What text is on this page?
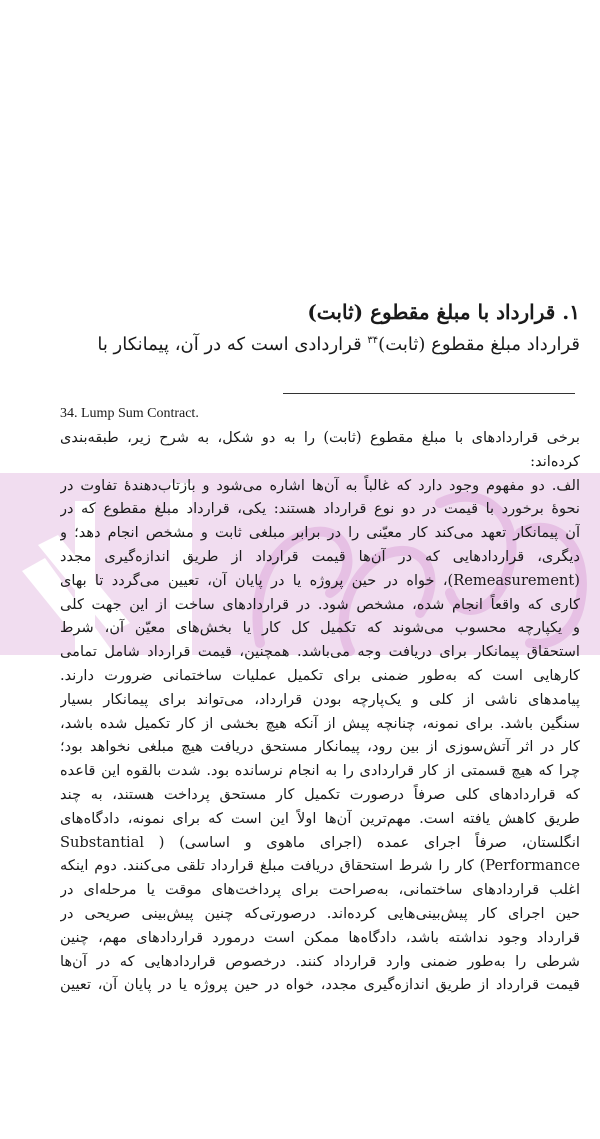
۱. قرارداد با مبلغ مقطوع (ثابت)
قرارداد مبلغ مقطوع (ثابت)$^{۳۴}$ قراردادی است که در آن، پیمانکار با
34. Lump Sum Contract.
برخی قراردادهای با مبلغ مقطوع (ثابت) را به دو شکل، به شرح زیر، طبقه‌بندی
کرده‌اند:
الف. دو مفهوم وجود دارد که غالباً به آن‌ها اشاره می‌شود و بازتاب‌دهندۀ تفاوت در
نحوۀ برخورد با قیمت در دو نوع قرارداد هستند: یکی، قرارداد مبلغ مقطوع که در
آن پیمانکار تعهد می‌کند کار معیّنی را در برابر مبلغی ثابت و مشخص انجام دهد؛ و
دیگری، قراردادهایی که در آن‌ها قیمت قرارداد از طریق اندازه‌گیری مجدد
(Remeasurement)، خواه در حین پروژه یا در پایان آن، تعیین می‌گردد تا بهای
کاری که واقعاً انجام شده، مشخص شود. در قراردادهای ساخت از این جهت کلی
و یکپارچه محسوب می‌شوند که تکمیل کل کار یا بخش‌های معیّن آن، شرط
استحقاق پیمانکار برای دریافت وجه می‌باشد. همچنین، قیمت قرارداد شامل تمامی
کارهایی است که به‌طور ضمنی برای تکمیل عملیات ساختمانی ضرورت دارند.
پیامدهای ناشی از کلی و یک‌پارچه بودن قرارداد، می‌تواند برای پیمانکار بسیار
سنگین باشد. برای نمونه، چنانچه پیش از آنکه هیچ بخشی از کار تکمیل شده باشد،
کار در اثر آتش‌سوزی از بین رود، پیمانکار مستحق دریافت هیچ مبلغی نخواهد بود؛
چرا که هیچ قسمتی از کار قراردادی را به انجام نرسانده بود. شدت بالقوه این قاعده
که قراردادهای کلی صرفاً درصورت تکمیل کار مستحق پرداخت هستند، به چند
طریق کاهش یافته است. مهم‌ترین آن‌ها اولاً این است که برای نمونه، دادگاه‌های
انگلستان، صرفاً اجرای عمده (اجرای ماهوی و اساسی) ( Substantial
Performance) کار را شرط استحقاق دریافت مبلغ قرارداد تلقی می‌کنند. دوم اینکه
اغلب قراردادهای ساختمانی، به‌صراحت برای پرداخت‌های موقت یا مرحله‌ای در
حین اجرای کار پیش‌بینی‌هایی کرده‌اند. درصورتی‌که چنین پیش‌بینی صریحی در
قرارداد وجود نداشته باشد، دادگاه‌ها ممکن است درمورد قراردادهای مهم، چنین
شرطی را به‌طور ضمنی وارد قرارداد کنند. درخصوص قراردادهایی که در آن‌ها
قیمت قرارداد از طریق اندازه‌گیری مجدد، خواه در حین پروژه یا در پایان آن، تعیین
